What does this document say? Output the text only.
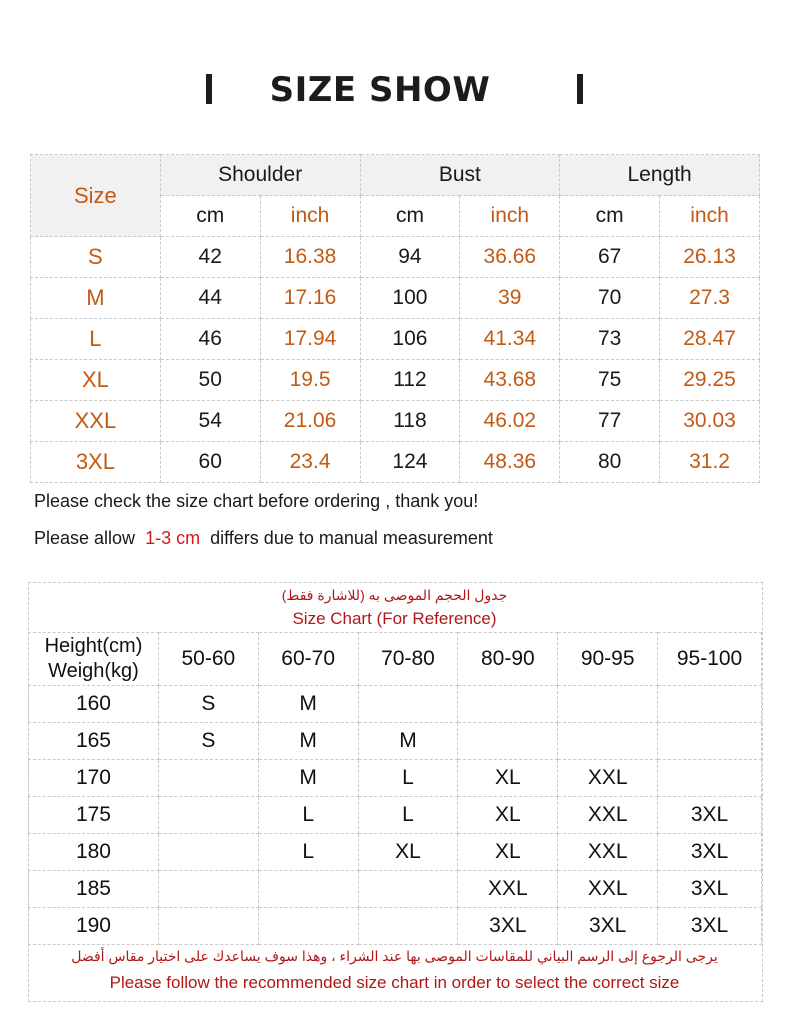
SIZE SHOW
Size	Shoulder		Bust		Length	
	cm	inch	cm	inch	cm	inch
S	42	16.38	94	36.66	67	26.13
M	44	17.16	100	39	70	27.3
L	46	17.94	106	41.34	73	28.47
XL	50	19.5	112	43.68	75	29.25
XXL	54	21.06	118	46.02	77	30.03
3XL	60	23.4	124	48.36	80	31.2
Please check the size chart before ordering , thank you!
Please allow 1-3 cm differs due to manual measurement
جدول الحجم الموصى به (للاشارة فقط)
Size Chart (For Reference)
Height(cm)
Weigh(kg)	50-60	60-70	70-80	80-90	90-95	95-100
160	S	M				
165	S	M	M			
170		M	L	XL	XXL	
175		L	L	XL	XXL	3XL
180		L	XL	XL	XXL	3XL
185				XXL	XXL	3XL
190				3XL	3XL	3XL
يرجى الرجوع إلى الرسم البياني للمقاسات الموصى بها عند الشراء ، وهذا سوف يساعدك على اختيار مقاس أفضل
Please follow the recommended size chart in order to select the correct size
